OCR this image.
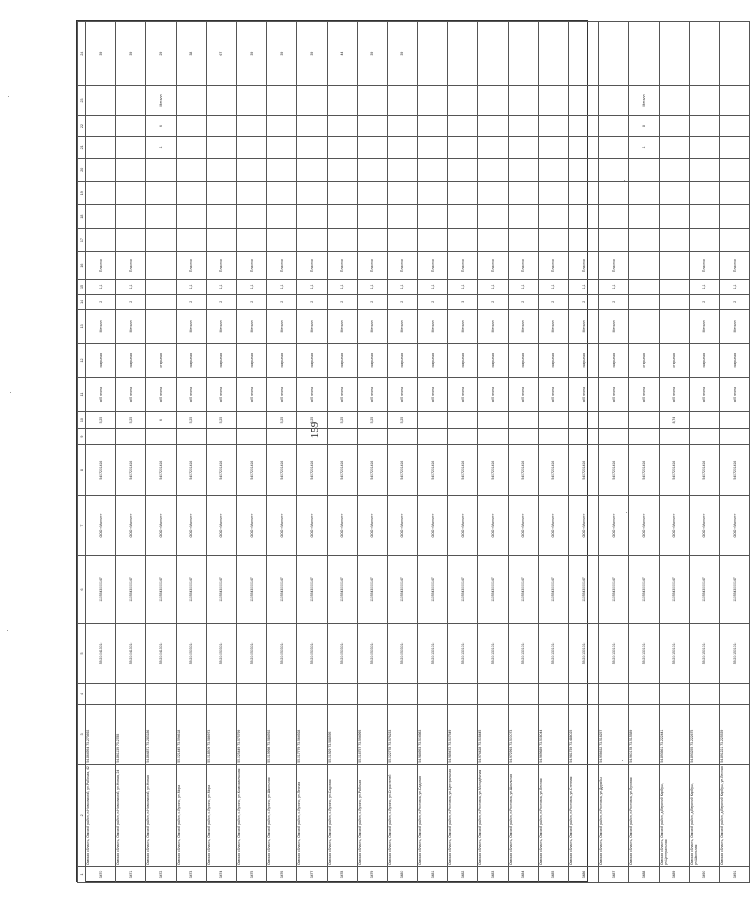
159
1	2	3	4	5	6	7	8	9	10	11	12	13	14	15	16	17	18	19	20	21	22	23	24
3470	Омская область, Омский район, п.Новоомский, ул.Рабочая, 42	54.864954 73.273692		55:20:041301:	1105543000147	ООО «Магнит»	5407201416		5,25	ж/б плита	закрытая	Металл	2	1,1	Пластик								39
3471	Омская область, Омский район, п.Новоомский, ул.Новая, 24	54.861139 73.2785		55:20:041301:	1105543000147	ООО «Магнит»	5407201416		5,25	ж/б плита	закрытая	Металл	2	1,1	Пластик								39
3472	Омская область, Омский район, п.Новоомский, ул.Новая	54.864871 73.283186		55:20:041301:	1105543000147	ООО «Магнит»	5407201416		6	ж/б плита	открытая									1	6	Металл	29
3473	Омская область, Омский район, с.Лузино, ул.Мира	55.021445 73.594618		55:20:050301:	1105543000147	ООО «Магнит»	5407201416		5,25	ж/б плита	закрытая	Металл	2	1,1	Пластик								38
3474	Омская область, Омский район, с.Лузино, ул.Мира	55.018509 73.586973		55:20:050301:	1105543000147	ООО «Магнит»	5407201416		5,25	ж/б плита	закрытая	Металл	2	1,1	Пластик								67
3475	Омская область, Омский район, с.Лузино, ул.Комсомольская	55.025449 73.575799		55:20:050301:	1105543000147	ООО «Магнит»	5407201416			ж/б плита	закрытая	Металл	2	1,1	Пластик								39
3476	Омская область, Омский район, с.Лузино, ул.Школьная	55.019998 73.584592		55:20:050301:	1105543000147	ООО «Магнит»	5407201416		5,25	ж/б плита	закрытая	Металл	2	1,1	Пластик								39
3477	Омская область, Омский район, с.Лузино, ул.Лесная	55.017779 73.564928		55:20:050301:	1105543000147	ООО «Магнит»	5407201416		5,25	ж/б плита	закрытая	Металл	2	1,1	Пластик								39
3478	Омская область, Омский район, с.Лузино, ул.Садовая	55.01929 73.588595		55:20:050301:	1105543000147	ООО «Магнит»	5407201416		5,25	ж/б плита	закрытая	Металл	2	1,1	Пластик								44
3479	Омская область, Омский район, с.Лузино, ул.Рабочая	55.016757 73.594995		55:20:050301:	1105543000147	ООО «Магнит»	5407201416		5,25	ж/б плита	закрытая	Металл	2	1,1	Пластик								39
3480	Омская область, Омский район, с.Лузино, ул.Строителей	55.022778 73.576233		55:20:050301:	1105543000147	ООО «Магнит»	5407201416		5,25	ж/б плита	закрытая	Металл	2	1,1	Пластик								39
3481	Омская область, Омский район, п.Ростовка, ул.Садовая	54.984953 73.504983		55:20:130101:	1105543000147	ООО «Магнит»	5407201416			ж/б плита	закрытая	Металл	2	1,1	Пластик								
3482	Омская область, Омский район, п.Ростовка, ул.Центральная	54.989472 73.507549		55:20:130101:	1105543000147	ООО «Магнит»	5407201416			ж/б плита	закрытая	Металл	3	1,1	Пластик								
3483	Омская область, Омский район, п.Ростовка, ул.Молодёжная	54.974428 73.508445		55:20:130101:	1105543000147	ООО «Магнит»	5407201416			ж/б плита	закрытая	Металл	2	1,1	Пластик								
3484	Омская область, Омский район, п.Ростовка, ул.Школьная	54.972993 73.500073		55:20:130101:	1105543000147	ООО «Магнит»	5407201416			ж/б плита	закрытая	Металл	2	1,1	Пластик								
3485	Омская область, Омский район, п.Ростовка, ул.Лесная	54.969689 73.508044		55:20:130101:	1105543000147	ООО «Магнит»	5407201416			ж/б плита	закрытая	Металл	2	1,1	Пластик								
3486	Омская область, Омский район, п.Ростовка, ул.Степная	54.981739 73.488025		55:20:130101:	1105543000147	ООО «Магнит»	5407201416			ж/б плита	закрытая	Металл	2	1,1	Пластик								
3487	Омская область, Омский район, п.Ростовка, ул.Дружбы	54.956632 73.516257		55:20:130101:	1105543000147	ООО «Магнит»	5407201416			ж/б плита	закрытая	Металл	2	1,1	Пластик								
3488	Омская область, Омский район, п.Ростовка, ул.Луговая	54.960178 73.515589		55:20:130101:	1105543000147	ООО «Магнит»	5407201416			ж/б плита	открытая									1	8	Металл	
3489	Омская область, Омский район, д.Верхний Карбуш, ул.Центральная	54.893661 73.222441		55:20:150101:	1105543000147	ООО «Магнит»	5407201416		8,74	ж/б плита	открытая												
3490	Омская область, Омский район, д.Верхний Карбуш, ул.Школьная	54.893255 73.222675		55:20:150101:	1105543000147	ООО «Магнит»	5407201416			ж/б плита	закрытая	Металл	2	1,1	Пластик								
3491	Омская область, Омский район, д.Верхний Карбуш, ул.Лесная	54.891221 73.225539		55:20:150101:	1105543000147	ООО «Магнит»	5407201416			ж/б плита	закрытая	Металл	2	1,1	Пластик								
